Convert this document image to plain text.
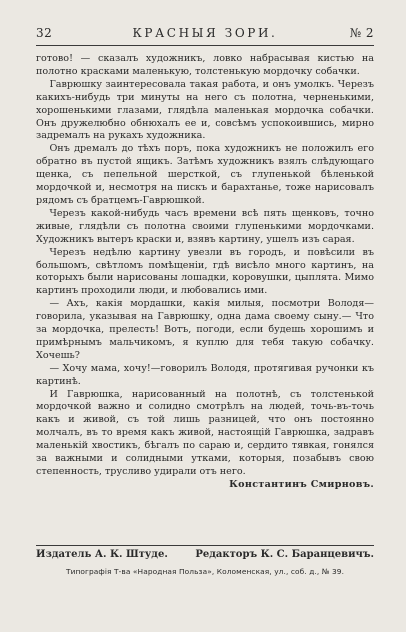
32	КРАСНЫЯ ЗОРИ.	№ 2

готово! — сказалъ художникъ, ловко набрасывая кистью на полотно красками маленькую, толстенькую мордочку собачки.

Гаврюшку заинтересовала такая работа, и онъ умолкъ. Черезъ какихъ-нибудь три минуты на него съ полотна, черненькими, хорошенькими глазами, глядѣла маленькая мордочка собачки. Онъ дружелюбно обнюхалъ ее и, совсѣмъ успокоившись, мирно задремалъ на рукахъ художника.

Онъ дремалъ до тѣхъ поръ, пока художникъ не положилъ его обратно въ пустой ящикъ. Затѣмъ художникъ взялъ слѣдующаго щенка, съ пепельной шерсткой, съ глупенькой бѣленькой мордочкой и, несмотря на пискъ и барахтанье, тоже нарисовалъ рядомъ съ братцемъ-Гаврюшкой.

Черезъ какой-нибудь часъ времени всѣ пять щенковъ, точно живые, глядѣли съ полотна своими глупенькими мордочками. Художникъ вытеръ краски и, взявъ картину, ушелъ изъ сарая.

Черезъ недѣлю картину увезли въ городъ, и повѣсили въ большомъ, свѣтломъ помѣщеніи, гдѣ висѣло много картинъ, на которыхъ были нарисованы лошадки, коровушки, цыплята. Мимо картинъ проходили люди, и любовались ими.

— Ахъ, какія мордашки, какія милыя, посмотри Володя— говорила, указывая на Гаврюшку, одна дама своему сыну.— Что за мордочка, прелесть! Вотъ, погоди, если будешь хорошимъ и примѣрнымъ мальчикомъ, я куплю для тебя такую собачку. Хочешь?

— Хочу мама, хочу!—говорилъ Володя, протягивая ручонки къ картинѣ.

И Гаврюшка, нарисованный на полотнѣ, съ толстенькой мордочкой важно и солидно смотрѣлъ на людей, точь-въ-точь какъ и живой, съ той лишь разницей, что онъ постоянно молчалъ, въ то время какъ живой, настоящій Гаврюшка, задравъ маленькій хвостикъ, бѣгалъ по сараю и, сердито тявкая, гонялся за важными и солидными утками, которыя, позабывъ свою степенность, трусливо удирали отъ него.

Константинъ Смирновъ.

Издатель А. К. Штуде.	Редакторъ К. С. Баранцевичъ.
Типографія Т-ва «Народная Польза», Коломенская, ул., соб. д., № 39.
